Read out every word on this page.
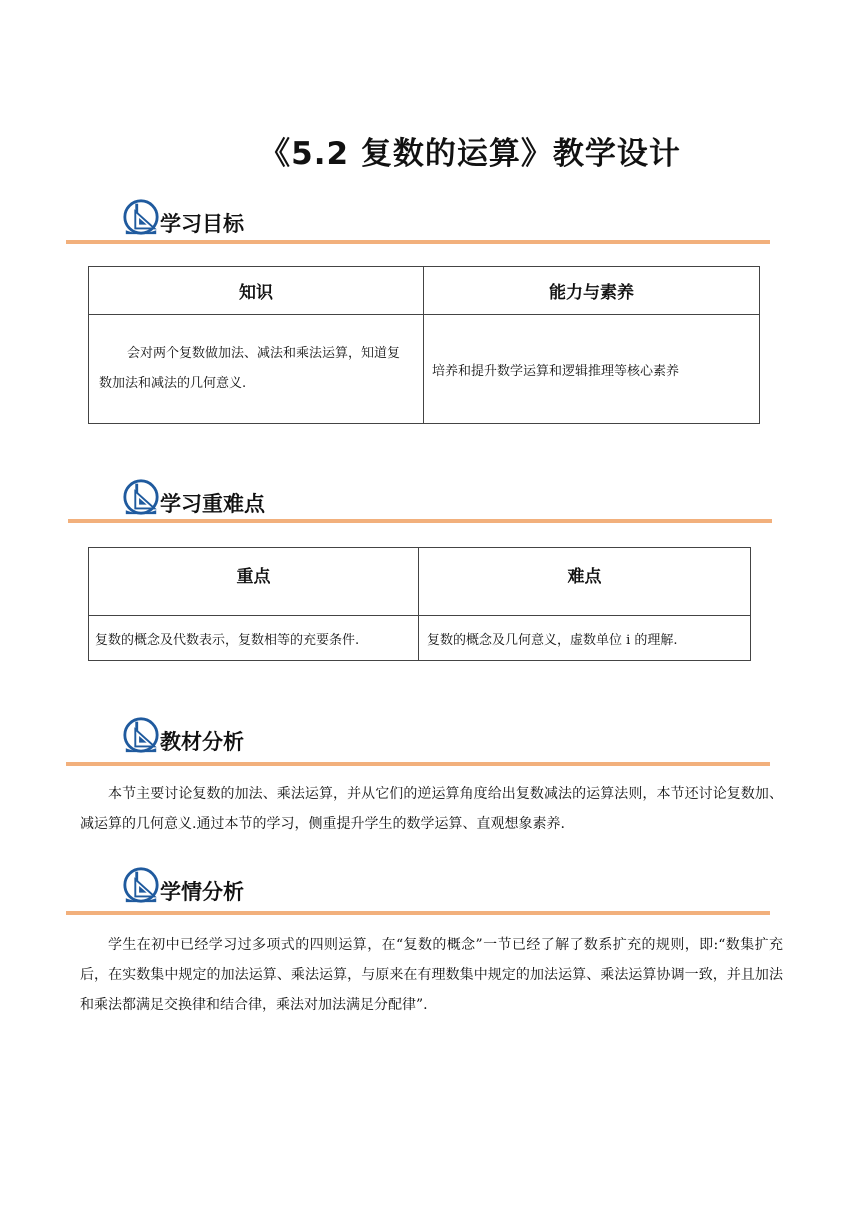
《5.2 复数的运算》教学设计
学习目标
知识	能力与素养
会对两个复数做加法、减法和乘法运算，知道复数加法和减法的几何意义.	培养和提升数学运算和逻辑推理等核心素养
学习重难点
重点	难点
复数的概念及代数表示，复数相等的充要条件.	复数的概念及几何意义，虚数单位 i 的理解.
教材分析
本节主要讨论复数的加法、乘法运算，并从它们的逆运算角度给出复数减法的运算法则，本节还讨论复数加、减运算的几何意义.通过本节的学习，侧重提升学生的数学运算、直观想象素养.
学情分析
学生在初中已经学习过多项式的四则运算，在“复数的概念”一节已经了解了数系扩充的规则，即:“数集扩充后，在实数集中规定的加法运算、乘法运算，与原来在有理数集中规定的加法运算、乘法运算协调一致，并且加法和乘法都满足交换律和结合律，乘法对加法满足分配律”.
